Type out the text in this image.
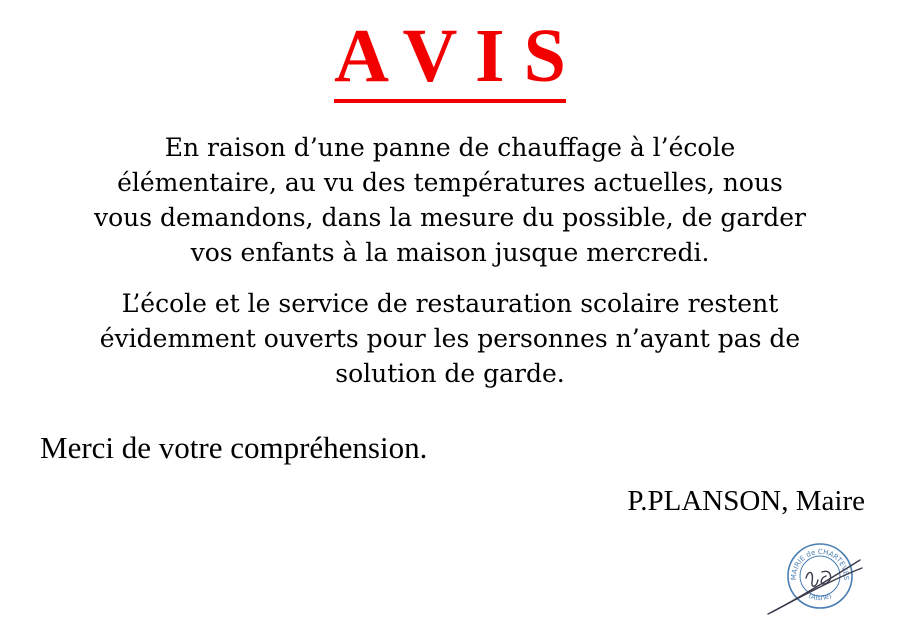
A V I S

En raison d’une panne de chauffage à l’école
élémentaire, au vu des températures actuelles, nous
vous demandons, dans la mesure du possible, de garder
vos enfants à la maison jusque mercredi.

L’école et le service de restauration scolaire restent
évidemment ouverts pour les personnes n’ayant pas de
solution de garde.

Merci de votre compréhension.
P.PLANSON, Maire
MAIRIE de CHARTEVES
(Aisne)
